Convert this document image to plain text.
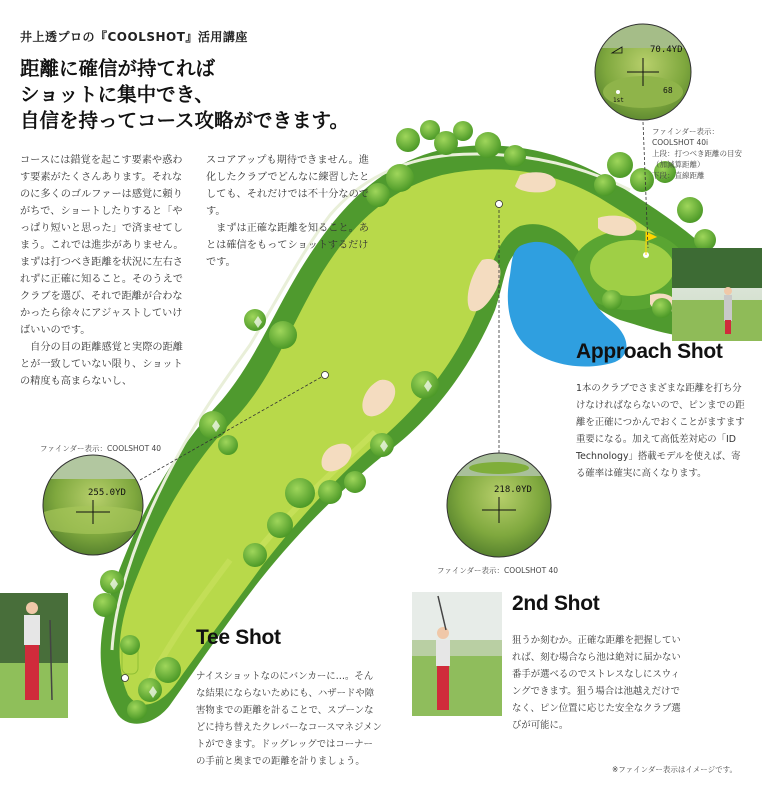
70.4YD
68
1st
255.0YD	218.0YD
井上透プロの『COOLSHOT』活用講座
距離に確信が持てれば
ショットに集中でき、
自信を持ってコース攻略ができます。

コースには錯覚を起こす要素や惑わす要素がたくさんあります。それなのに多くのゴルファーは感覚に頼りがちで、ショートしたりすると「やっぱり短いと思った」で済ませてしまう。これでは進歩がありません。

まずは打つべき距離を状況に左右されずに正確に知ること。そのうえでクラブを選び、それで距離が合わなかったら徐々にアジャストしていけばいいのです。

　自分の目の距離感覚と実際の距離とが一致していない限り、ショットの精度も高まらないし、

スコアアップも期待できません。進化したクラブでどんなに練習したとしても、それだけでは不十分なのです。

　まずは正確な距離を知ること。あとは確信をもってショットするだけです。

ファインダー表示：
COOLSHOT 40i
上段：打つべき距離の目安
（加減算距離）
下段：直線距離
ファインダー表示：COOLSHOT 40
ファインダー表示：COOLSHOT 40
Approach Shot
1本のクラブでさまざまな距離を打ち分けなければならないので、ピンまでの距離を正確につかんでおくことがますます重要になる。加えて高低差対応の「ID Technology」搭載モデルを使えば、寄る確率は確実に高くなります。
Tee Shot
ナイスショットなのにバンカーに…。そんな結果にならないためにも、ハザードや障害物までの距離を計ることで、スプーンなどに持ち替えたクレバーなコースマネジメントができます。ドッグレッグではコーナーの手前と奥までの距離を計りましょう。
2nd Shot
狙うか刻むか。正確な距離を把握していれば、刻む場合なら池は絶対に届かない番手が選べるのでストレスなしにスウィングできます。狙う場合は池越えだけでなく、ピン位置に応じた安全なクラブ選びが可能に。
※ファインダー表示はイメージです。
